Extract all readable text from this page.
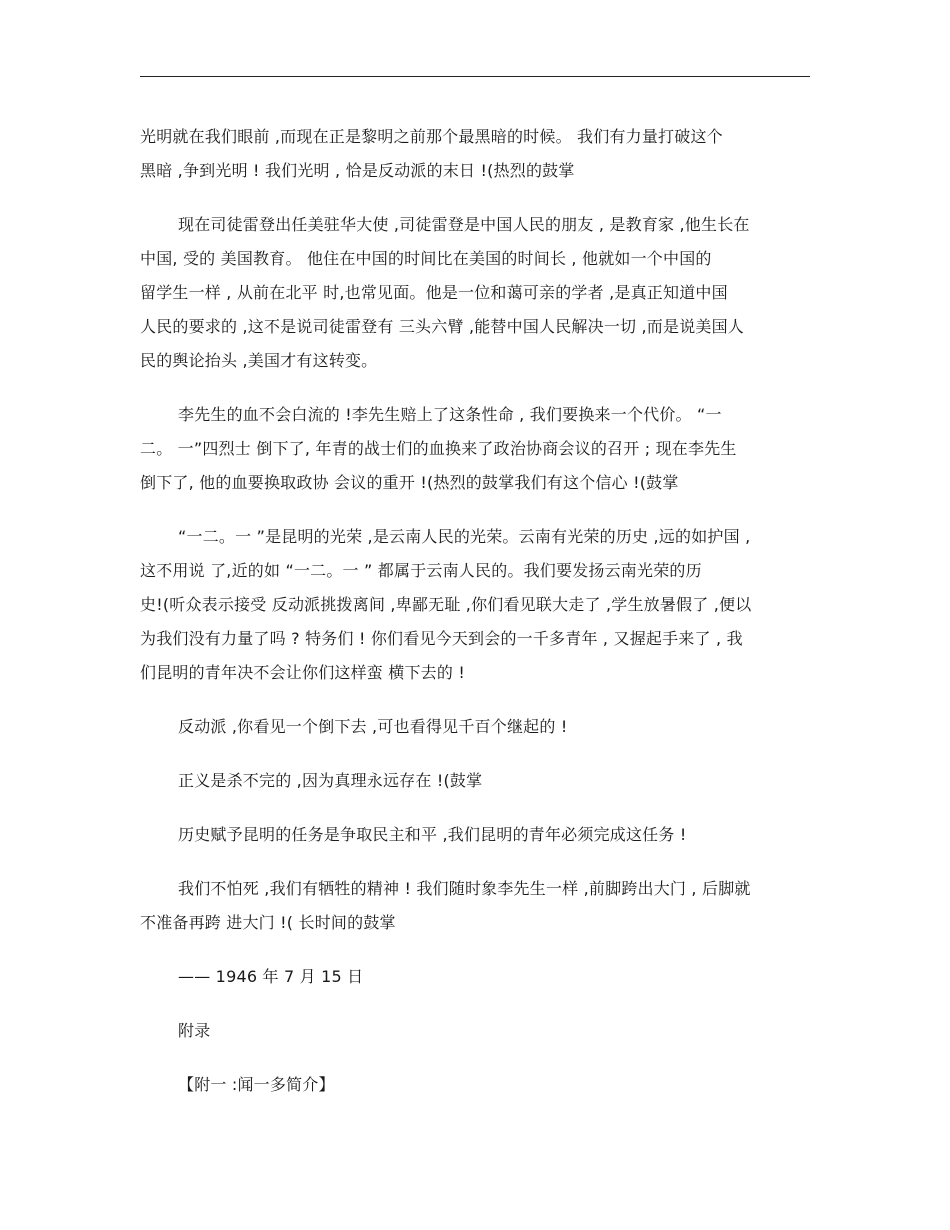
光明就在我们眼前 ,而现在正是黎明之前那个最黑暗的时候。 我们有力量打破这个
黑暗 ,争到光明 ! 我们光明 , 恰是反动派的末日 !(热烈的鼓掌
现在司徒雷登出任美驻华大使 ,司徒雷登是中国人民的朋友 , 是教育家 ,他生长在
中国, 受的 美国教育。 他住在中国的时间比在美国的时间长 , 他就如一个中国的
留学生一样 , 从前在北平 时,也常见面。他是一位和蔼可亲的学者 ,是真正知道中国
人民的要求的 ,这不是说司徒雷登有 三头六臂 ,能替中国人民解决一切 ,而是说美国人
民的舆论抬头 ,美国才有这转变。
李先生的血不会白流的 !李先生赔上了这条性命 , 我们要换来一个代价。 “一
二。 一”四烈士 倒下了, 年青的战士们的血换来了政治协商会议的召开 ; 现在李先生
倒下了, 他的血要换取政协 会议的重开 !(热烈的鼓掌我们有这个信心 !(鼓掌
“一二。一 ”是昆明的光荣 ,是云南人民的光荣。云南有光荣的历史 ,远的如护国 ,
这不用说 了,近的如 “一二。一 ” 都属于云南人民的。我们要发扬云南光荣的历
史!(听众表示接受 反动派挑拨离间 ,卑鄙无耻 ,你们看见联大走了 ,学生放暑假了 ,便以
为我们没有力量了吗 ? 特务们 ! 你们看见今天到会的一千多青年 , 又握起手来了 , 我
们昆明的青年决不会让你们这样蛮 横下去的 !
反动派 ,你看见一个倒下去 ,可也看得见千百个继起的 !
正义是杀不完的 ,因为真理永远存在 !(鼓掌
历史赋予昆明的任务是争取民主和平 ,我们昆明的青年必须完成这任务 !
我们不怕死 ,我们有牺牲的精神 ! 我们随时象李先生一样 ,前脚跨出大门 , 后脚就
不准备再跨 进大门 !( 长时间的鼓掌
—— 1946 年 7 月 15 日
附录
【附一 :闻一多简介】
